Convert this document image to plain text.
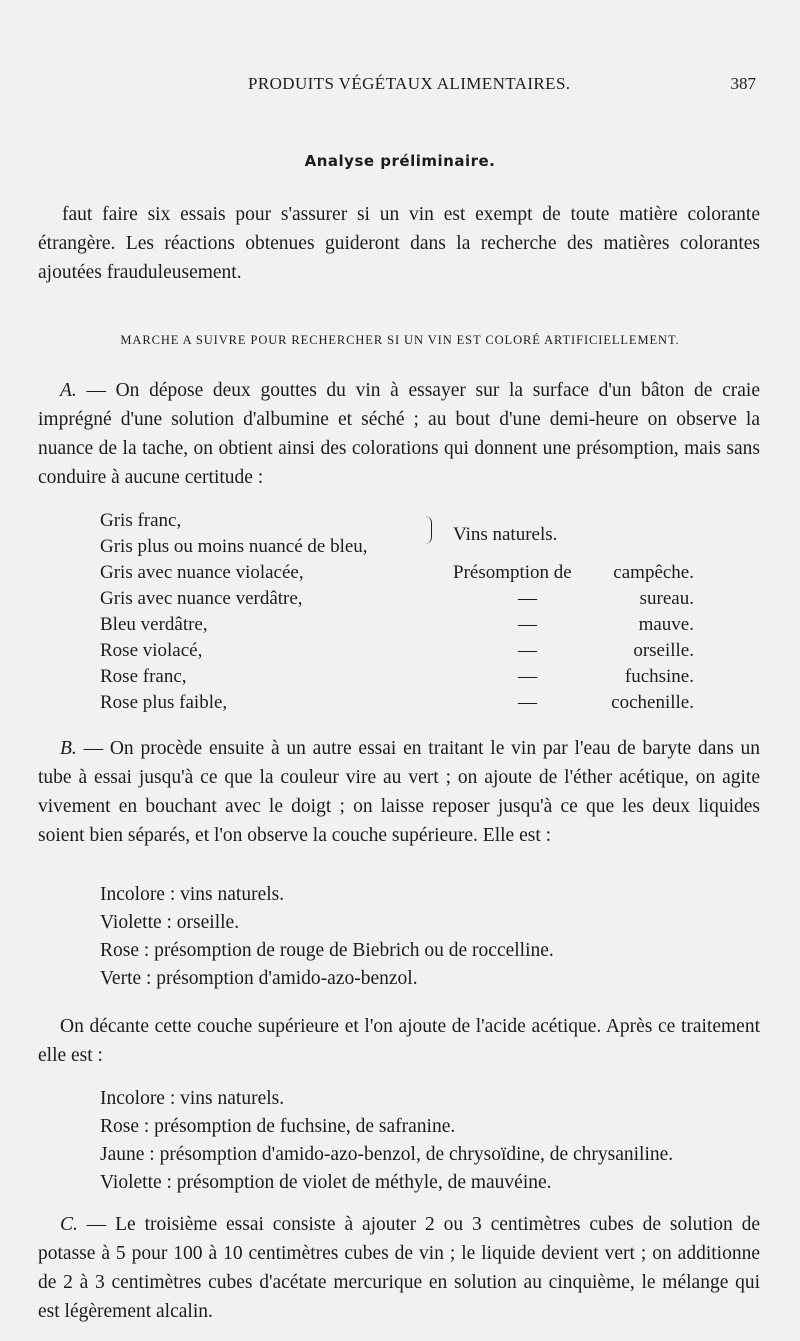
PRODUITS VÉGÉTAUX ALIMENTAIRES.	387
Analyse préliminaire.

faut faire six essais pour s'assurer si un vin est exempt de toute matière colorante étrangère. Les réactions obtenues guideront dans la recherche des matières colorantes ajoutées frauduleusement.

MARCHE A SUIVRE POUR RECHERCHER SI UN VIN EST COLORÉ ARTIFICIELLEMENT.

A. — On dépose deux gouttes du vin à essayer sur la surface d'un bâton de craie imprégné d'une solution d'albumine et séché ; au bout d'une demi-heure on observe la nuance de la tache, on obtient ainsi des colorations qui donnent une présomption, mais sans conduire à aucune certitude :

Gris franc,
Gris plus ou moins nuancé de bleu,
Vins naturels.
Gris avec nuance violacée,	Présomption de campêche.
Gris avec nuance verdâtre,	—	sureau.
Bleu verdâtre,	—	mauve.
Rose violacé,	—	orseille.
Rose franc,	—	fuchsine.
Rose plus faible,	—	cochenille.

B. — On procède ensuite à un autre essai en traitant le vin par l'eau de baryte dans un tube à essai jusqu'à ce que la couleur vire au vert ; on ajoute de l'éther acétique, on agite vivement en bouchant avec le doigt ; on laisse reposer jusqu'à ce que les deux liquides soient bien séparés, et l'on observe la couche supérieure. Elle est :

Incolore : vins naturels.
Violette : orseille.
Rose : présomption de rouge de Biebrich ou de roccelline.
Verte : présomption d'amido-azo-benzol.

On décante cette couche supérieure et l'on ajoute de l'acide acétique. Après ce traitement elle est :

Incolore : vins naturels.
Rose : présomption de fuchsine, de safranine.
Jaune : présomption d'amido-azo-benzol, de chrysoïdine, de chrysaniline.
Violette : présomption de violet de méthyle, de mauvéine.

C. — Le troisième essai consiste à ajouter 2 ou 3 centimètres cubes de solution de potasse à 5 pour 100 à 10 centimètres cubes de vin ; le liquide devient vert ; on additionne de 2 à 3 centimètres cubes d'acétate mercurique en solution au cinquième, le mélange qui est légèrement alcalin.
